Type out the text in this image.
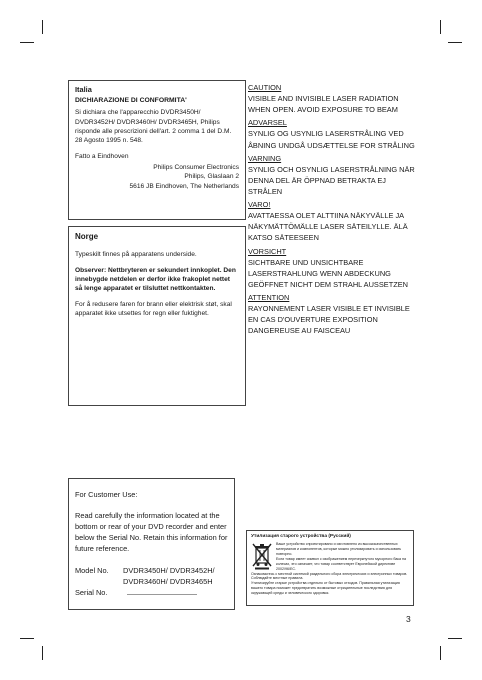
Italia
DICHIARAZIONE DI CONFORMITA'

Si dichiara che l'apparecchio DVDR3450H/ DVDR3452H/ DVDR3460H/ DVDR3465H, Philips risponde alle prescrizioni dell'art. 2 comma 1 del D.M. 28 Agosto 1995 n. 548.

Fatto a Eindhoven

Philips Consumer Electronics
Philips, Glaslaan 2
5616 JB Eindhoven, The Netherlands
Norge

Typeskilt finnes på apparatens underside.

Observer: Nettbryteren er sekundert innkoplet. Den innebygde netdelen er derfor ikke frakoplet nettet så lenge apparatet er tilsluttet nettkontakten.

For å redusere faren for brann eller elektrisk støt, skal apparatet ikke utsettes for regn eller fuktighet.

CAUTION
VISIBLE AND INVISIBLE LASER RADIATION WHEN OPEN. AVOID EXPOSURE TO BEAM
ADVARSEL
SYNLIG OG USYNLIG LASERSTRÅLING VED ÅBNING UNDGÅ UDSÆTTELSE FOR STRÅLING
VARNING
SYNLIG OCH OSYNLIG LASERSTRÅLNING NÄR DENNA DEL ÄR ÖPPNAD BETRAKTA EJ STRÅLEN
VARO!
AVATTAESSA OLET ALTTIINA NÄKYVÄLLE JA NÄKYMÄTTÖMÄLLE LASER SÄTEILYLLE. ÄLÄ KATSO SÄTEESEEN
VORSICHT
SICHTBARE UND UNSICHTBARE LASERSTRAHLUNG WENN ABDECKUNG GEÖFFNET NICHT DEM STRAHL AUSSETZEN
ATTENTION
RAYONNEMENT LASER VISIBLE ET INVISIBLE EN CAS D'OUVERTURE EXPOSITION DANGEREUSE AU FAISCEAU
For Customer Use:

Read carefully the information located at the bottom or rear of your DVD recorder and enter below the Serial No. Retain this information for future reference.

Model No.	DVDR3450H/ DVDR3452H/
DVDR3460H/ DVDR3465H
Serial No.
Утилизация старого устройства (Русский)
Ваше устройство спроектировано и изготовлено из высококачественных материалов и компонентов, которые можно утилизировать и использовать повторно.
Если товар имеет символ с изображением перечеркнутого мусорного бака на колесах, это означает, что товар соответствует Европейской директиве 2002/96/EC.
Ознакомьтесь с местной системой раздельного сбора электрических и электронных товаров. Соблюдайте местные правила.
Утилизируйте старые устройства отдельно от бытовых отходов. Правильная утилизация вашего товара поможет предотвратить возможные отрицательные последствия для окружающей среды и человеческого здоровья.
3
